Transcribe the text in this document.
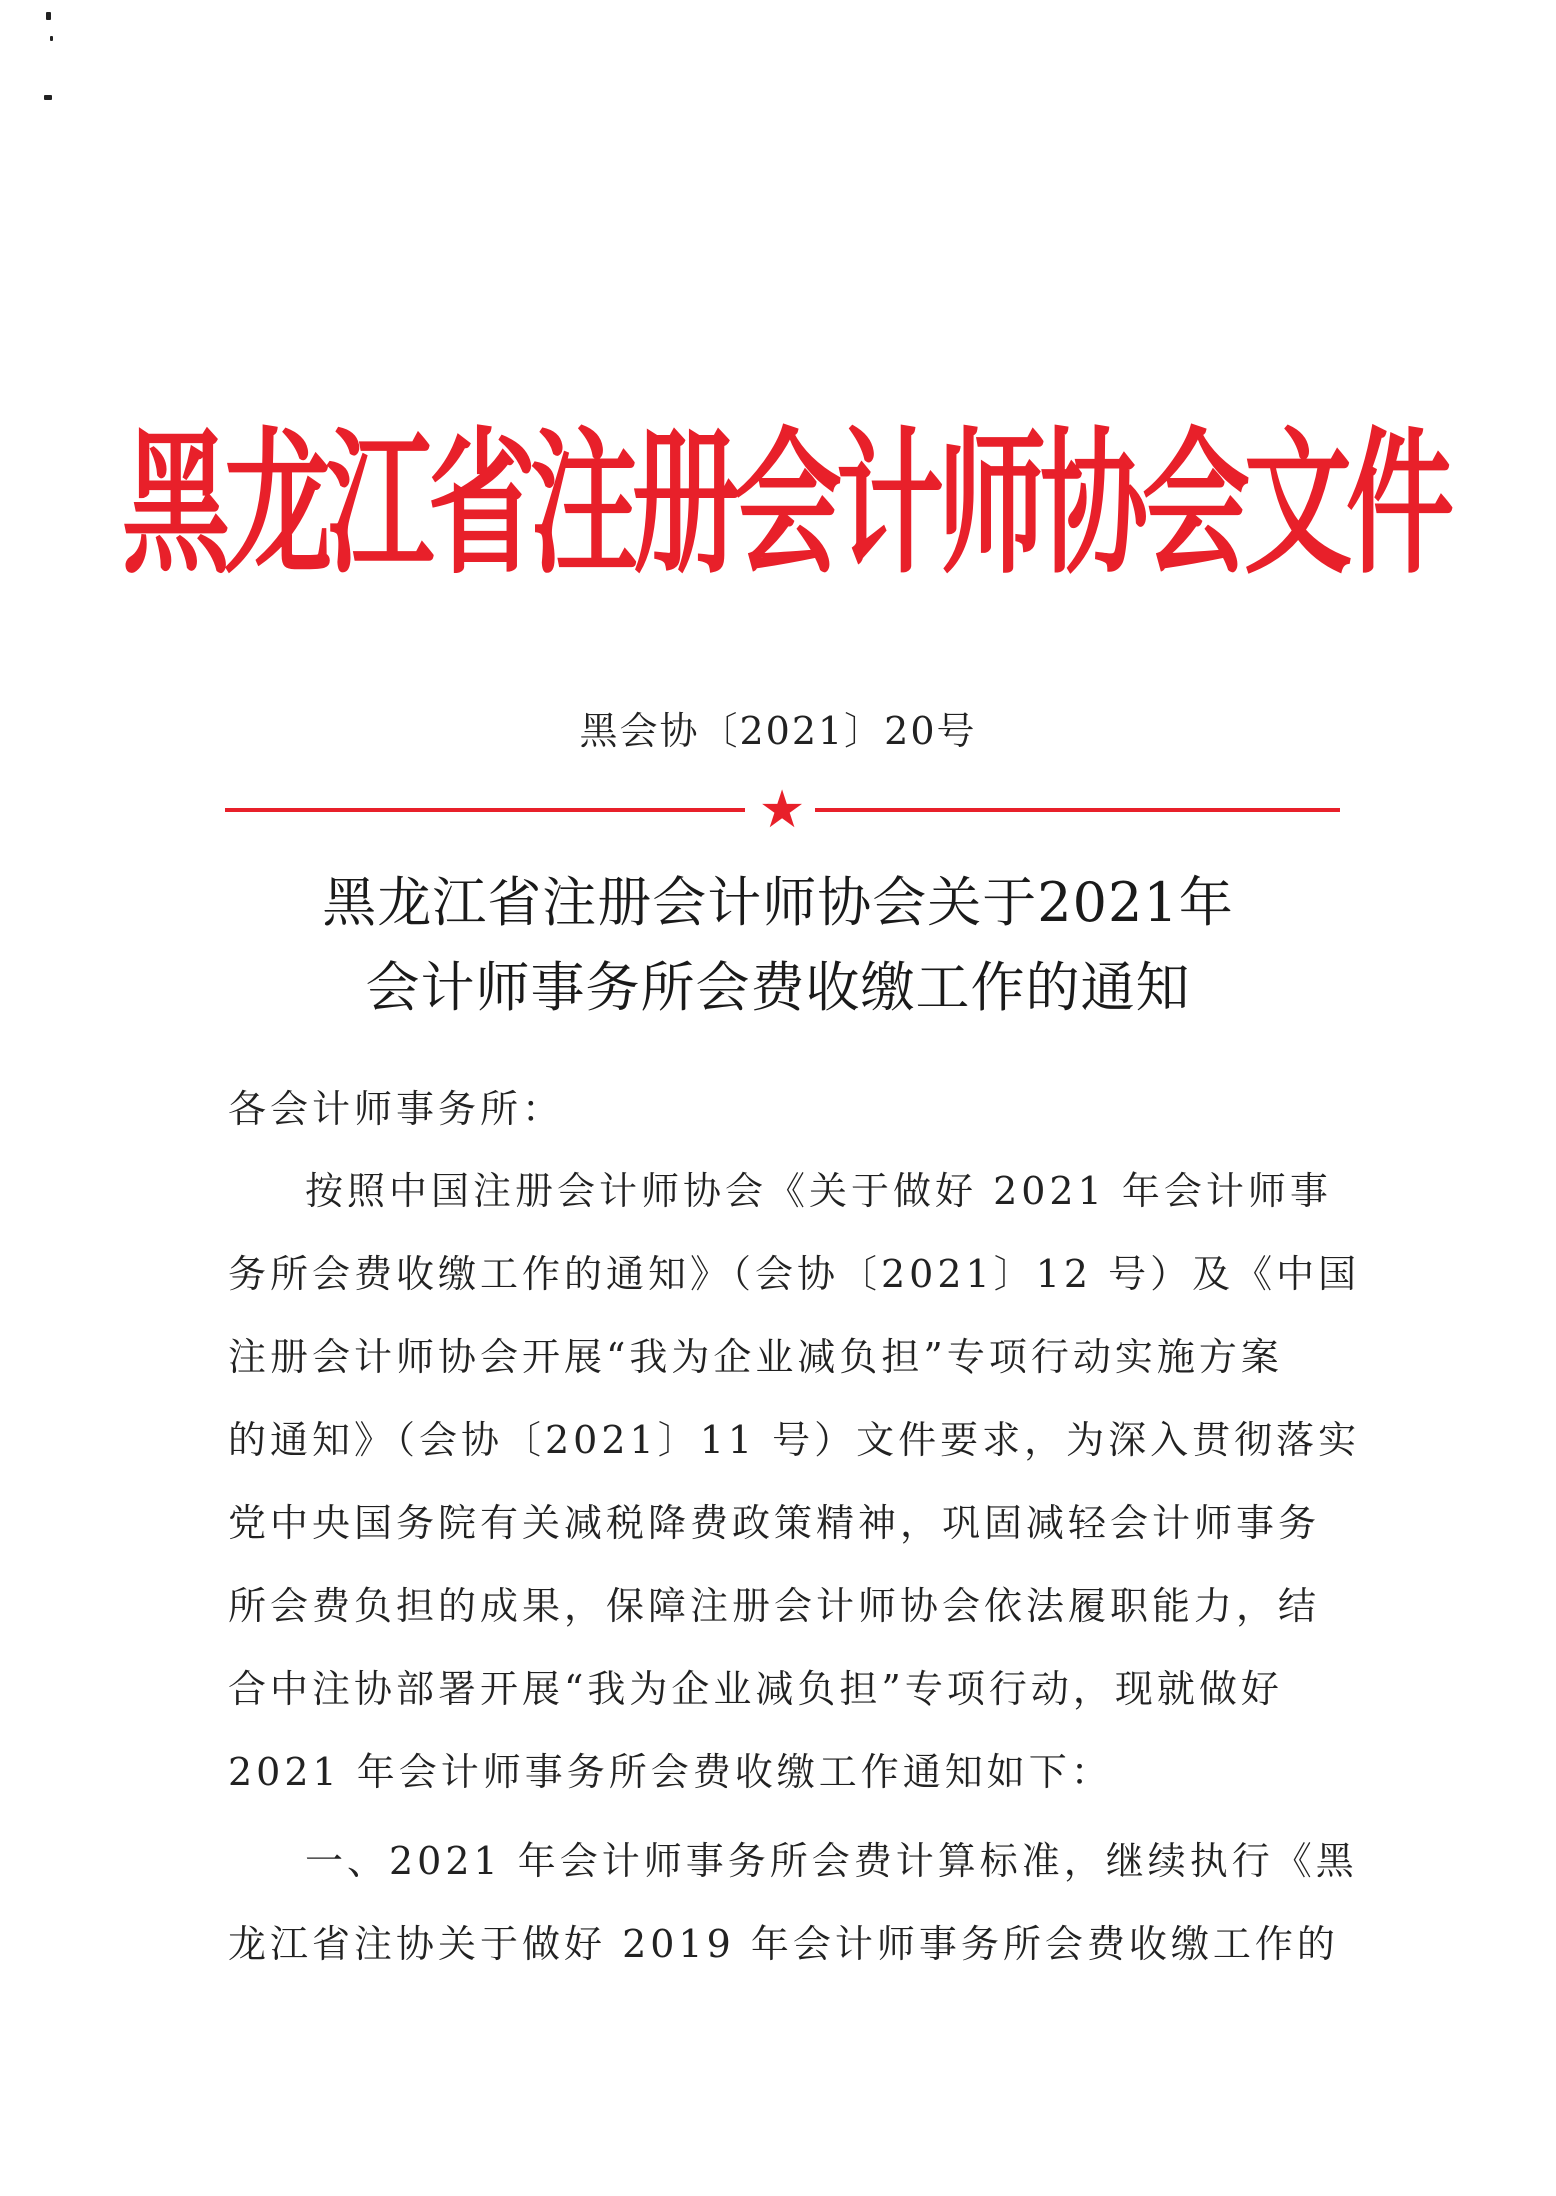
黑龙江省注册会计师协会文件
黑会协〔2021〕20号
★
黑龙江省注册会计师协会关于2021年
会计师事务所会费收缴工作的通知
各会计师事务所：
按照中国注册会计师协会《关于做好 2021 年会计师事
务所会费收缴工作的通知》（会协〔2021〕12 号）及《中国
注册会计师协会开展“我为企业减负担”专项行动实施方案
的通知》（会协〔2021〕11 号）文件要求，为深入贯彻落实
党中央国务院有关减税降费政策精神，巩固减轻会计师事务
所会费负担的成果，保障注册会计师协会依法履职能力，结
合中注协部署开展“我为企业减负担”专项行动，现就做好
2021 年会计师事务所会费收缴工作通知如下：
一、2021 年会计师事务所会费计算标准，继续执行《黑
龙江省注协关于做好 2019 年会计师事务所会费收缴工作的
